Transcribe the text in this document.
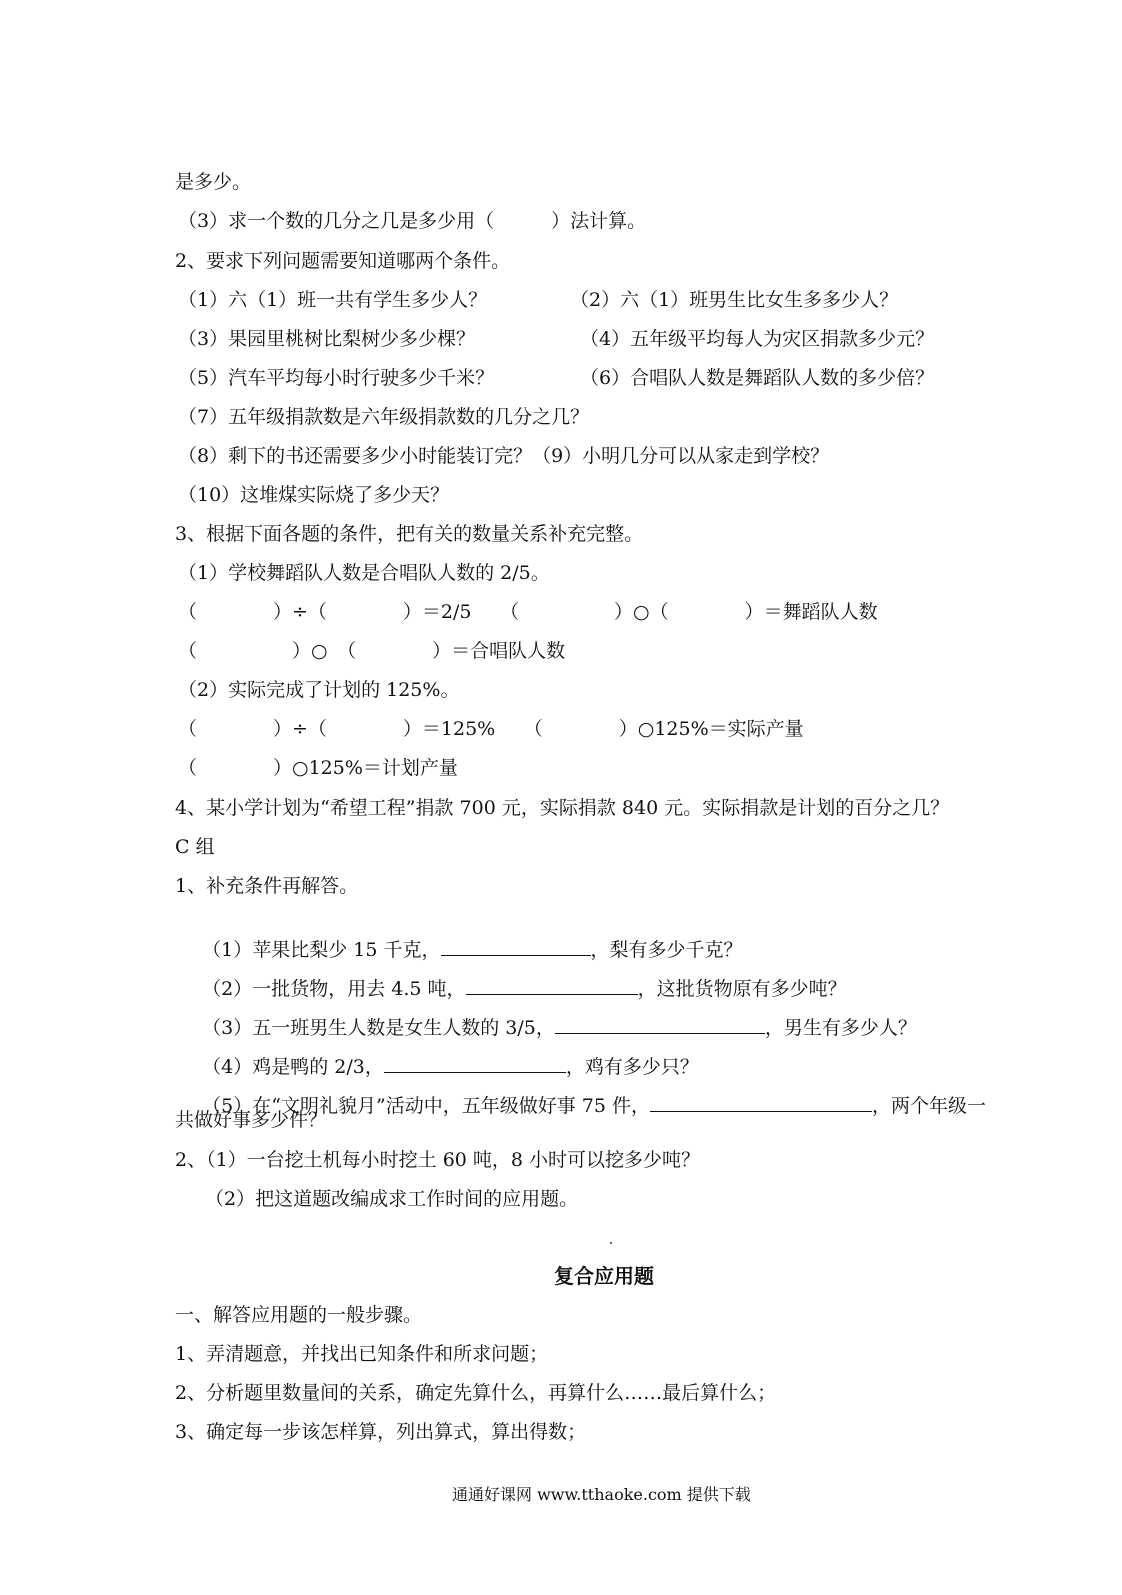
是多少。
（3）求一个数的几分之几是多少用（　　　）法计算。
2、要求下列问题需要知道哪两个条件。
（1）六（1）班一共有学生多少人？	（2）六（1）班男生比女生多多少人？
（3）果园里桃树比梨树少多少棵？	（4）五年级平均每人为灾区捐款多少元？
（5）汽车平均每小时行驶多少千米？	（6）合唱队人数是舞蹈队人数的多少倍？
（7）五年级捐款数是六年级捐款数的几分之几？
（8）剩下的书还需要多少小时能装订完？（9）小明几分可以从家走到学校？
（10）这堆煤实际烧了多少天？
3、根据下面各题的条件，把有关的数量关系补充完整。
（1）学校舞蹈队人数是合唱队人数的 2/5。
（　　　　）÷（　　　　）＝2/5　　（　　　　　）○（　　　　）＝舞蹈队人数
（　　　　　）○　（　　　　）＝合唱队人数
（2）实际完成了计划的 125%。
（　　　　）÷（　　　　）＝125%　　（　　　　）○125%＝实际产量
（　　　　）○125%＝计划产量
4、某小学计划为“希望工程”捐款 700 元，实际捐款 840 元。实际捐款是计划的百分之几？
C 组
1、补充条件再解答。

（1）苹果比梨少 15 千克，	，梨有多少千克？

（2）一批货物，用去 4.5 吨，	，这批货物原有多少吨？

（3）五一班男生人数是女生人数的 3/5，	，男生有多少人？

（4）鸡是鸭的 2/3，	，鸡有多少只？

（5）在“文明礼貌月”活动中，五年级做好事 75 件，	，两个年级一

共做好事多少件？
2、（1）一台挖土机每小时挖土 60 吨，8 小时可以挖多少吨？
（2）把这道题改编成求工作时间的应用题。
复合应用题
一、解答应用题的一般步骤。
1、弄清题意，并找出已知条件和所求问题；
2、分析题里数量间的关系，确定先算什么，再算什么……最后算什么；
3、确定每一步该怎样算，列出算式，算出得数；
通通好课网 www.tthaoke.com 提供下载
